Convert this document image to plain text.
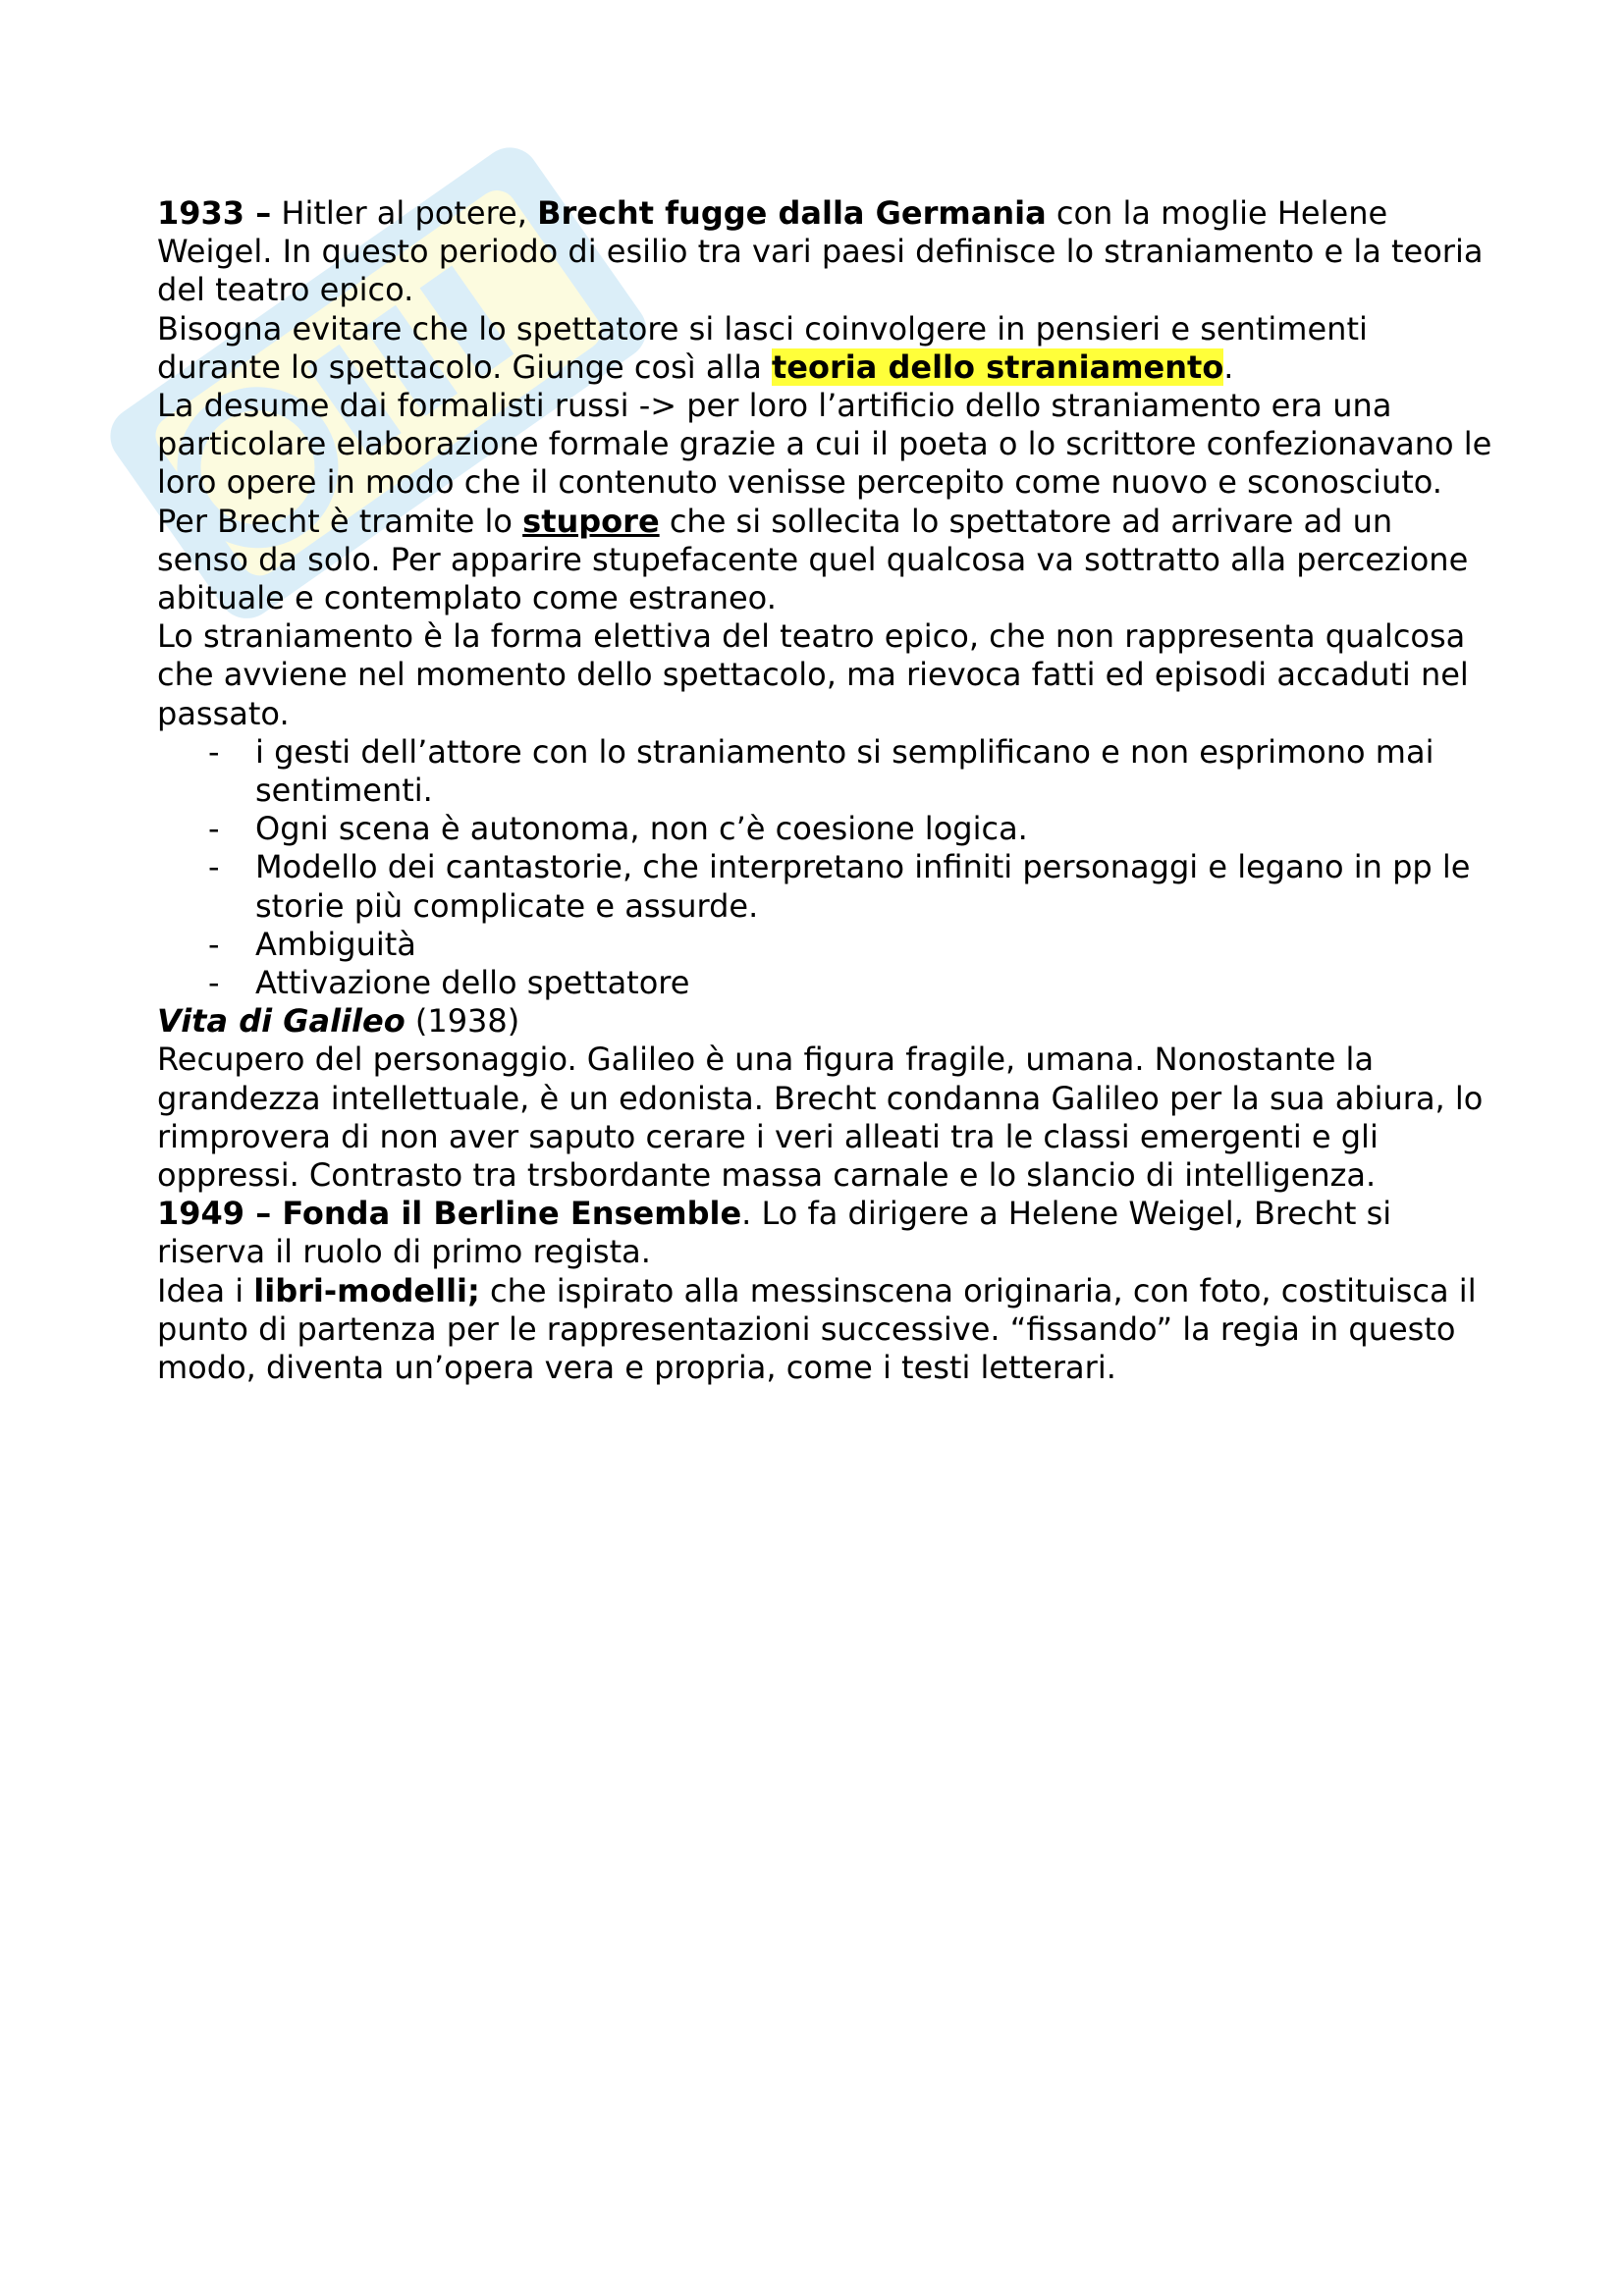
1933 – Hitler al potere, Brecht fugge dalla Germania con la moglie Helene Weigel. In questo periodo di esilio tra vari paesi definisce lo straniamento e la teoria del teatro epico.

Bisogna evitare che lo spettatore si lasci coinvolgere in pensieri e sentimenti durante lo spettacolo. Giunge così alla teoria dello straniamento.

La desume dai formalisti russi -> per loro l’artificio dello straniamento era una particolare elaborazione formale grazie a cui il poeta o lo scrittore confezionavano le loro opere in modo che il contenuto venisse percepito come nuovo e sconosciuto.

Per Brecht è tramite lo stupore che si sollecita lo spettatore ad arrivare ad un senso da solo. Per apparire stupefacente quel qualcosa va sottratto alla percezione abituale e contemplato come estraneo.

Lo straniamento è la forma elettiva del teatro epico, che non rappresenta qualcosa che avviene nel momento dello spettacolo, ma rievoca fatti ed episodi accaduti nel passato.

- i gesti dell’attore con lo straniamento si semplificano e non esprimono mai sentimenti.
- Ogni scena è autonoma, non c’è coesione logica.
- Modello dei cantastorie, che interpretano infiniti personaggi e legano in pp le storie più complicate e assurde.
- Ambiguità
- Attivazione dello spettatore

Vita di Galileo (1938)

Recupero del personaggio. Galileo è una figura fragile, umana. Nonostante la grandezza intellettuale, è un edonista. Brecht condanna Galileo per la sua abiura, lo rimprovera di non aver saputo cerare i veri alleati tra le classi emergenti e gli oppressi. Contrasto tra trsbordante massa carnale e lo slancio di intelligenza.

1949 – Fonda il Berline Ensemble. Lo fa dirigere a Helene Weigel, Brecht si riserva il ruolo di primo regista.

Idea i libri-modelli; che ispirato alla messinscena originaria, con foto, costituisca il punto di partenza per le rappresentazioni successive. “fissando” la regia in questo modo, diventa un’opera vera e propria, come i testi letterari.
